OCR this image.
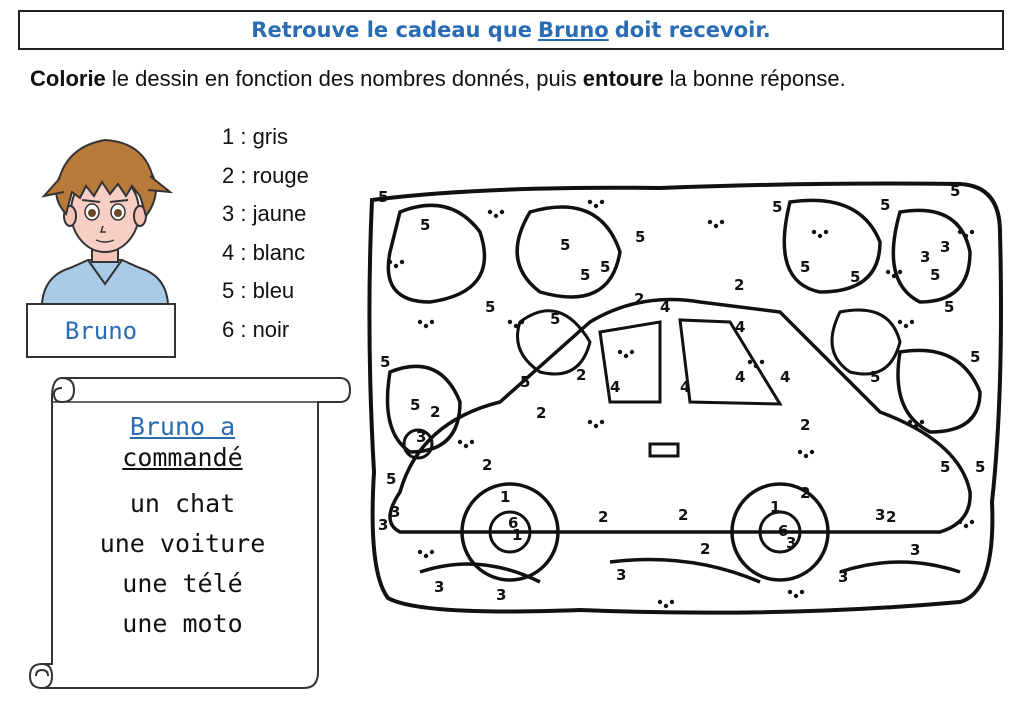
Retrouve le cadeau que Bruno doit recevoir.
Colorie le dessin en fonction des nombres donnés, puis entoure la bonne réponse.
Bruno
1 : gris
2 : rouge
3 : jaune
4 : blanc
5 : bleu
6 : noir
Bruno a
commandé
un chat
une voiture
une télé
une moto
5
5
5
5
5
5	5
5
5
5
5
5
5
5
5
5
5	5
5
5 5
5
5
2
2
2
2
2
2
2	2
2
2
2
2
3
3
3
3
3
3	3
3
3
3
3
3
4
4
4	4
4 4
1
1
1
6	6
